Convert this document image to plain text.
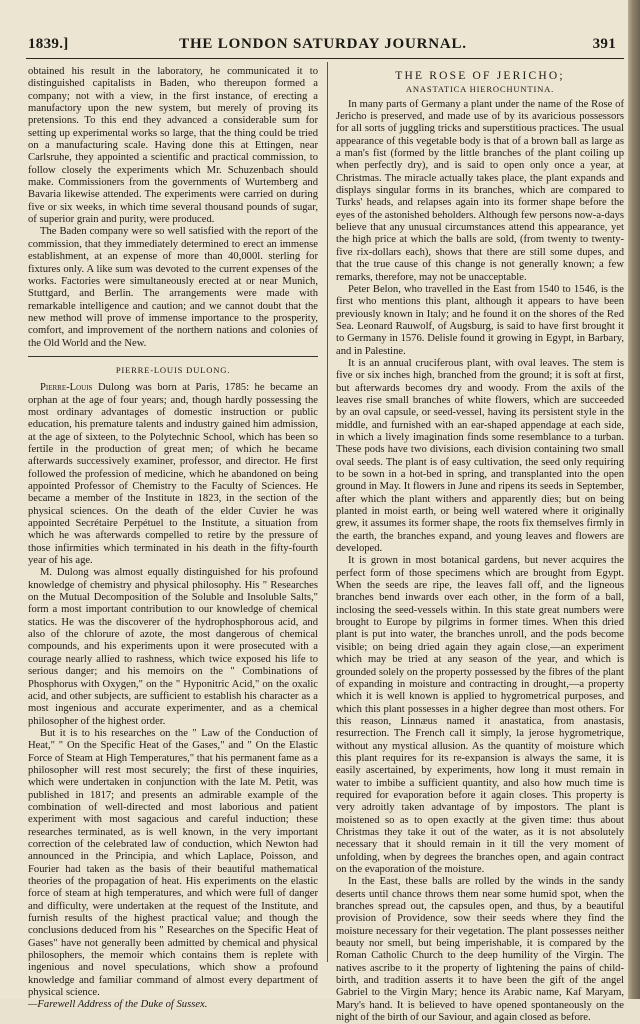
1839.]	THE LONDON SATURDAY JOURNAL.	391

obtained his result in the laboratory, he communicated it to distinguished capitalists in Baden, who thereupon formed a company; not with a view, in the first instance, of erecting a manufactory upon the new system, but merely of proving its pretensions. To this end they advanced a considerable sum for setting up experimental works so large, that the thing could be tried on a manufacturing scale. Having done this at Ettingen, near Carlsruhe, they appointed a scientific and practical commission, to follow closely the experiments which Mr. Schuzenbach should make. Commissioners from the governments of Wurtemberg and Bavaria likewise attended. The experiments were carried on during five or six weeks, in which time several thousand pounds of sugar, of superior grain and purity, were produced.

The Baden company were so well satisfied with the report of the commission, that they immediately determined to erect an immense establishment, at an expense of more than 40,000l. sterling for fixtures only. A like sum was devoted to the current expenses of the works. Factories were simultaneously erected at or near Munich, Stuttgard, and Berlin. The arrangements were made with remarkable intelligence and caution; and we cannot doubt that the new method will prove of immense importance to the prosperity, comfort, and improvement of the northern nations and colonies of the Old World and the New.

PIERRE-LOUIS DULONG.

Pierre-Louis Dulong was born at Paris, 1785: he became an orphan at the age of four years; and, though hardly possessing the most ordinary advantages of domestic instruction or public education, his premature talents and industry gained him admission, at the age of sixteen, to the Polytechnic School, which has been so fertile in the production of great men; of which he became afterwards successively examiner, professor, and director. He first followed the profession of medicine, which he abandoned on being appointed Professor of Chemistry to the Faculty of Sciences. He became a member of the Institute in 1823, in the section of the physical sciences. On the death of the elder Cuvier he was appointed Secrétaire Perpétuel to the Institute, a situation from which he was afterwards compelled to retire by the pressure of those infirmities which terminated in his death in the fifty-fourth year of his age.

M. Dulong was almost equally distinguished for his profound knowledge of chemistry and physical philosophy. His " Researches on the Mutual Decomposition of the Soluble and Insoluble Salts," form a most important contribution to our knowledge of chemical statics. He was the discoverer of the hydrophosphorous acid, and also of the chlorure of azote, the most dangerous of chemical compounds, and his experiments upon it were prosecuted with a courage nearly allied to rashness, which twice exposed his life to serious danger; and his memoirs on the " Combinations of Phosphorus with Oxygen," on the " Hyponitric Acid," on the oxalic acid, and other subjects, are sufficient to establish his character as a most ingenious and accurate experimenter, and as a chemical philosopher of the highest order.

But it is to his researches on the " Law of the Conduction of Heat," " On the Specific Heat of the Gases," and " On the Elastic Force of Steam at High Temperatures," that his permanent fame as a philosopher will rest most securely; the first of these inquiries, which were undertaken in conjunction with the late M. Petit, was published in 1817; and presents an admirable example of the combination of well-directed and most laborious and patient experiment with most sagacious and careful induction; these researches terminated, as is well known, in the very important correction of the celebrated law of conduction, which Newton had announced in the Principia, and which Laplace, Poisson, and Fourier had taken as the basis of their beautiful mathematical theories of the propagation of heat. His experiments on the elastic force of steam at high temperatures, and which were full of danger and difficulty, were undertaken at the request of the Institute, and furnish results of the highest practical value; and though the conclusions deduced from his " Researches on the Specific Heat of Gases" have not generally been admitted by chemical and physical philosophers, the memoir which contains them is replete with ingenious and novel speculations, which show a profound knowledge and familiar command of almost every department of physical science.

—Farewell Address of the Duke of Sussex.

THE ROSE OF JERICHO;
ANASTATICA HIEROCHUNTINA.

In many parts of Germany a plant under the name of the Rose of Jericho is preserved, and made use of by its avaricious possessors for all sorts of juggling tricks and superstitious practices. The usual appearance of this vegetable body is that of a brown ball as large as a man's fist (formed by the little branches of the plant coiling up when perfectly dry), and is said to open only once a year, at Christmas. The miracle actually takes place, the plant expands and displays singular forms in its branches, which are compared to Turks' heads, and relapses again into its former shape before the eyes of the astonished beholders. Although few persons now-a-days believe that any unusual circumstances attend this appearance, yet the high price at which the balls are sold, (from twenty to twenty-five rix-dollars each), shows that there are still some dupes, and that the true cause of this change is not generally known; a few remarks, therefore, may not be unacceptable.

Peter Belon, who travelled in the East from 1540 to 1546, is the first who mentions this plant, although it appears to have been previously known in Italy; and he found it on the shores of the Red Sea. Leonard Rauwolf, of Augsburg, is said to have first brought it to Germany in 1576. Delisle found it growing in Egypt, in Barbary, and in Palestine.

It is an annual cruciferous plant, with oval leaves. The stem is five or six inches high, branched from the ground; it is soft at first, but afterwards becomes dry and woody. From the axils of the leaves rise small branches of white flowers, which are succeeded by an oval capsule, or seed-vessel, having its persistent style in the middle, and furnished with an ear-shaped appendage at each side, in which a lively imagination finds some resemblance to a turban. These pods have two divisions, each division containing two small oval seeds. The plant is of easy cultivation, the seed only requiring to be sown in a hot-bed in spring, and transplanted into the open ground in May. It flowers in June and ripens its seeds in September, after which the plant withers and apparently dies; but on being planted in moist earth, or being well watered where it originally grew, it assumes its former shape, the roots fix themselves firmly in the earth, the branches expand, and young leaves and flowers are developed.

It is grown in most botanical gardens, but never acquires the perfect form of those specimens which are brought from Egypt. When the seeds are ripe, the leaves fall off, and the ligneous branches bend inwards over each other, in the form of a ball, inclosing the seed-vessels within. In this state great numbers were brought to Europe by pilgrims in former times. When this dried plant is put into water, the branches unroll, and the pods become visible; on being dried again they again close,—an experiment which may be tried at any season of the year, and which is grounded solely on the property possessed by the fibres of the plant of expanding in moisture and contracting in drought,—a property which it is well known is applied to hygrometrical purposes, and which this plant possesses in a higher degree than most others. For this reason, Linnæus named it anastatica, from anastasis, resurrection. The French call it simply, la jerose hygrometrique, without any mystical allusion. As the quantity of moisture which this plant requires for its re-expansion is always the same, it is easily ascertained, by experiments, how long it must remain in water to imbibe a sufficient quantity, and also how much time is required for evaporation before it again closes. This property is very adroitly taken advantage of by impostors. The plant is moistened so as to open exactly at the given time: thus about Christmas they take it out of the water, as it is not absolutely necessary that it should remain in it till the very moment of unfolding, when by degrees the branches open, and again contract on the evaporation of the moisture.

In the East, these balls are rolled by the winds in the sandy deserts until chance throws them near some humid spot, when the branches spread out, the capsules open, and thus, by a beautiful provision of Providence, sow their seeds where they find the moisture necessary for their vegetation. The plant possesses neither beauty nor smell, but being imperishable, it is compared by the Roman Catholic Church to the deep humility of the Virgin. The natives ascribe to it the property of lightening the pains of child-birth, and tradition asserts it to have been the gift of the angel Gabriel to the Virgin Mary; hence its Arabic name, Kaf Maryam, Mary's hand. It is believed to have opened spontaneously on the night of the birth of our Saviour, and again closed as before.
